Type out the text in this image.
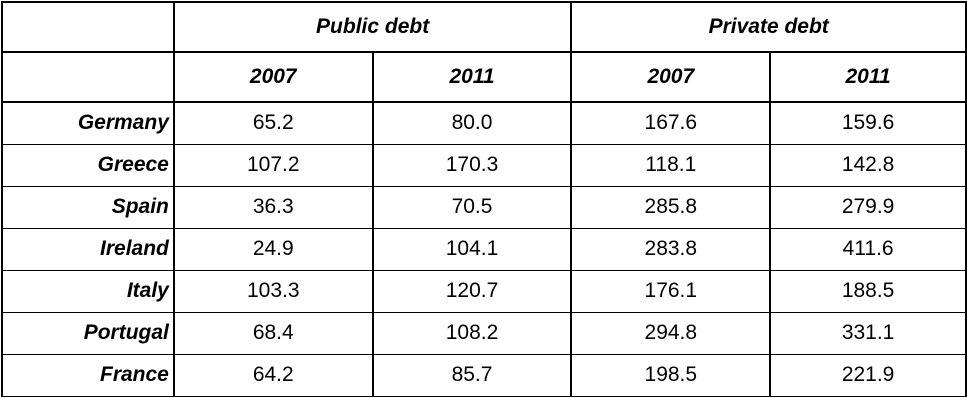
	Public debt		Private debt	
	2007	2011	2007	2011
Germany	65.2	80.0	167.6	159.6
Greece	107.2	170.3	118.1	142.8
Spain	36.3	70.5	285.8	279.9
Ireland	24.9	104.1	283.8	411.6
Italy	103.3	120.7	176.1	188.5
Portugal	68.4	108.2	294.8	331.1
France	64.2	85.7	198.5	221.9
